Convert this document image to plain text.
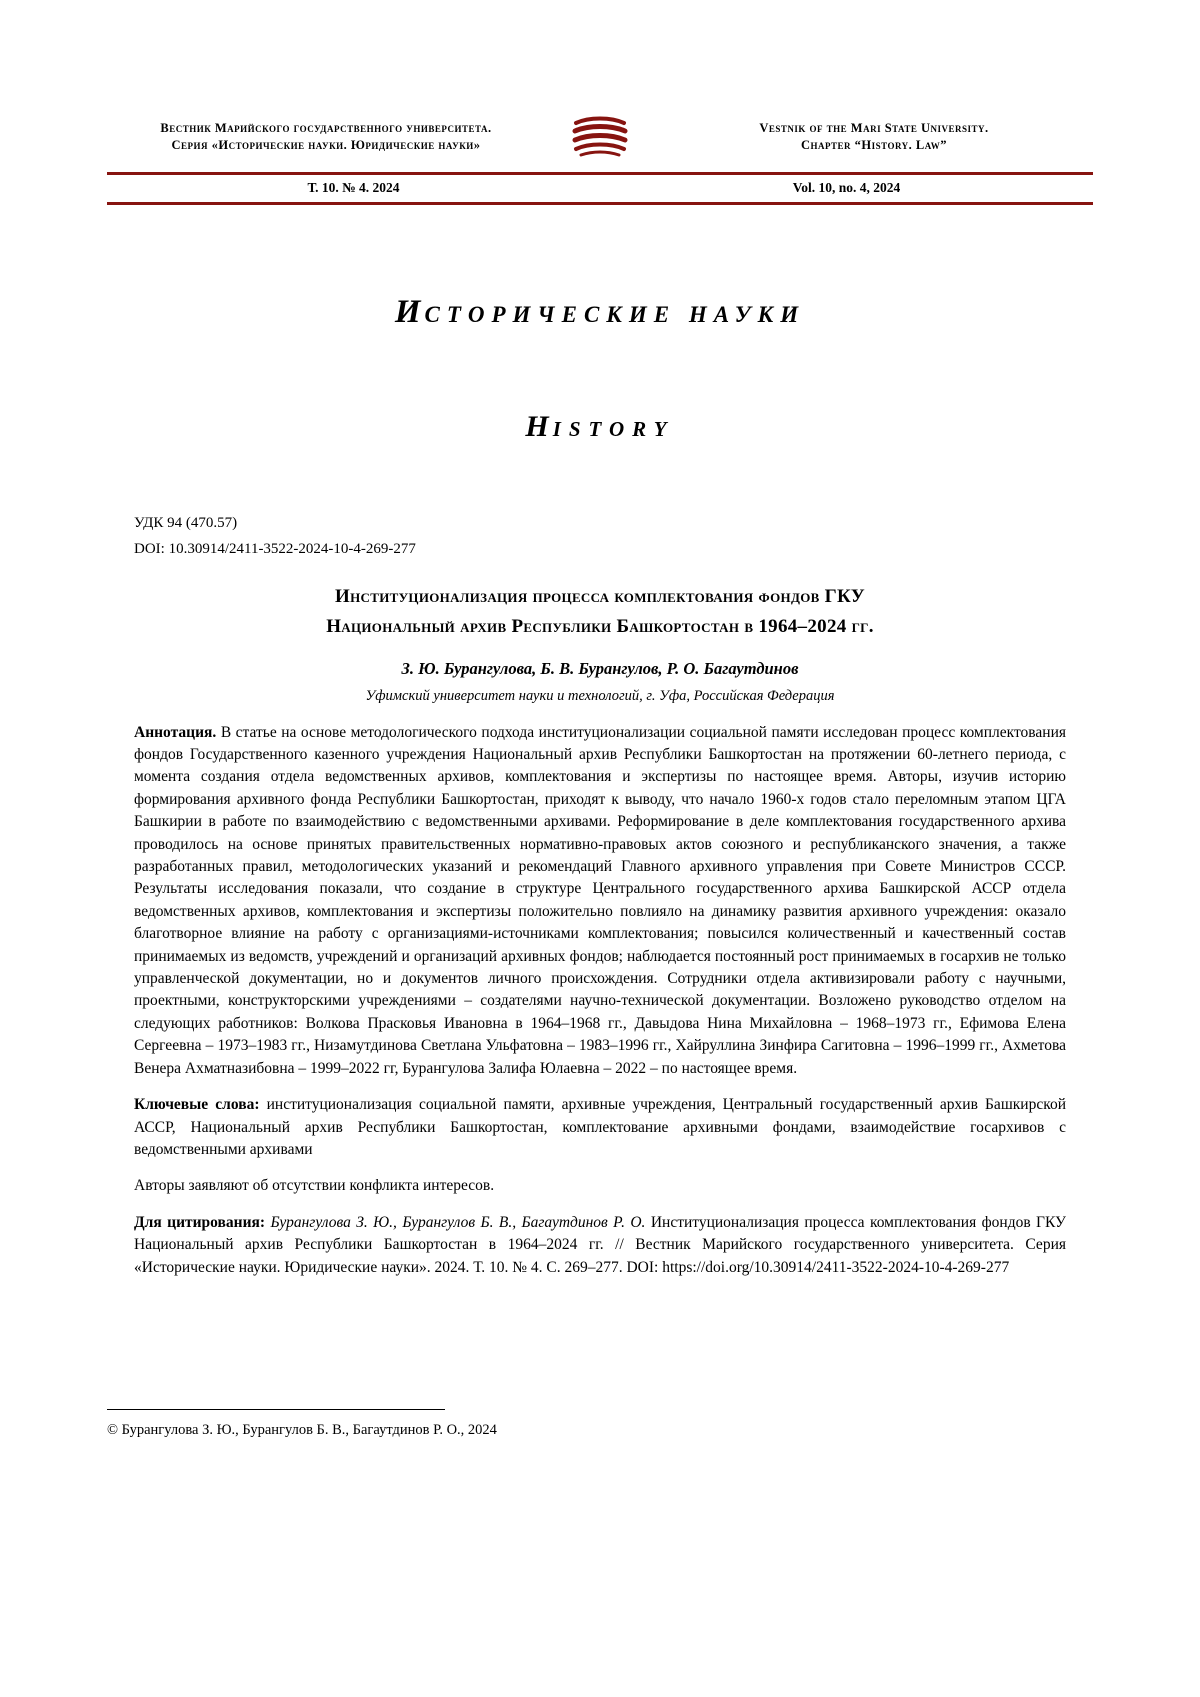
Вестник Марийского государственного университета.
Серия «Исторические науки. Юридические науки»
Vestnik of the Mari State University.
Chapter “History. Law”
Т. 10. № 4. 2024	Vol. 10, no. 4, 2024
ИСТОРИЧЕСКИЕ НАУКИ
HISTORY

УДК 94 (470.57)

DOI: 10.30914/2411-3522-2024-10-4-269-277

Институционализация процесса комплектования фондов ГКУ
Национальный архив Республики Башкортостан в 1964–2024 гг.

З. Ю. Бурангулова, Б. В. Бурангулов, Р. О. Багаутдинов

Уфимский университет науки и технологий, г. Уфа, Российская Федерация

Аннотация. В статье на основе методологического подхода институционализации социальной памяти исследован процесс комплектования фондов Государственного казенного учреждения Национальный архив Республики Башкортостан на протяжении 60-летнего периода, с момента создания отдела ведомственных архивов, комплектования и экспертизы по настоящее время. Авторы, изучив историю формирования архивного фонда Республики Башкортостан, приходят к выводу, что начало 1960-х годов стало переломным этапом ЦГА Башкирии в работе по взаимодействию с ведомственными архивами. Реформирование в деле комплектования государственного архива проводилось на основе принятых правительственных нормативно-правовых актов союзного и республиканского значения, а также разработанных правил, методологических указаний и рекомендаций Главного архивного управления при Совете Министров СССР. Результаты исследования показали, что создание в структуре Центрального государственного архива Башкирской АССР отдела ведомственных архивов, комплектования и экспертизы положительно повлияло на динамику развития архивного учреждения: оказало благотворное влияние на работу с организациями-источниками комплектования; повысился количественный и качественный состав принимаемых из ведомств, учреждений и организаций архивных фондов; наблюдается постоянный рост принимаемых в госархив не только управленческой документации, но и документов личного происхождения. Сотрудники отдела активизировали работу с научными, проектными, конструкторскими учреждениями – создателями научно-технической документации. Возложено руководство отделом на следующих работников: Волкова Прасковья Ивановна в 1964–1968 гг., Давыдова Нина Михайловна – 1968–1973 гг., Ефимова Елена Сергеевна – 1973–1983 гг., Низамутдинова Светлана Ульфатовна – 1983–1996 гг., Хайруллина Зинфира Сагитовна – 1996–1999 гг., Ахметова Венера Ахматназибовна – 1999–2022 гг, Бурангулова Залифа Юлаевна – 2022 – по настоящее время.

Ключевые слова: институционализация социальной памяти, архивные учреждения, Центральный государственный архив Башкирской АССР, Национальный архив Республики Башкортостан, комплектование архивными фондами, взаимодействие госархивов с ведомственными архивами

Авторы заявляют об отсутствии конфликта интересов.

Для цитирования: Бурангулова З. Ю., Бурангулов Б. В., Багаутдинов Р. О. Институционализация процесса комплектования фондов ГКУ Национальный архив Республики Башкортостан в 1964–2024 гг. // Вестник Марийского государственного университета. Серия «Исторические науки. Юридические науки». 2024. Т. 10. № 4. С. 269–277. DOI: https://doi.org/10.30914/2411-3522-2024-10-4-269-277

© Бурангулова З. Ю., Бурангулов Б. В., Багаутдинов Р. О., 2024
